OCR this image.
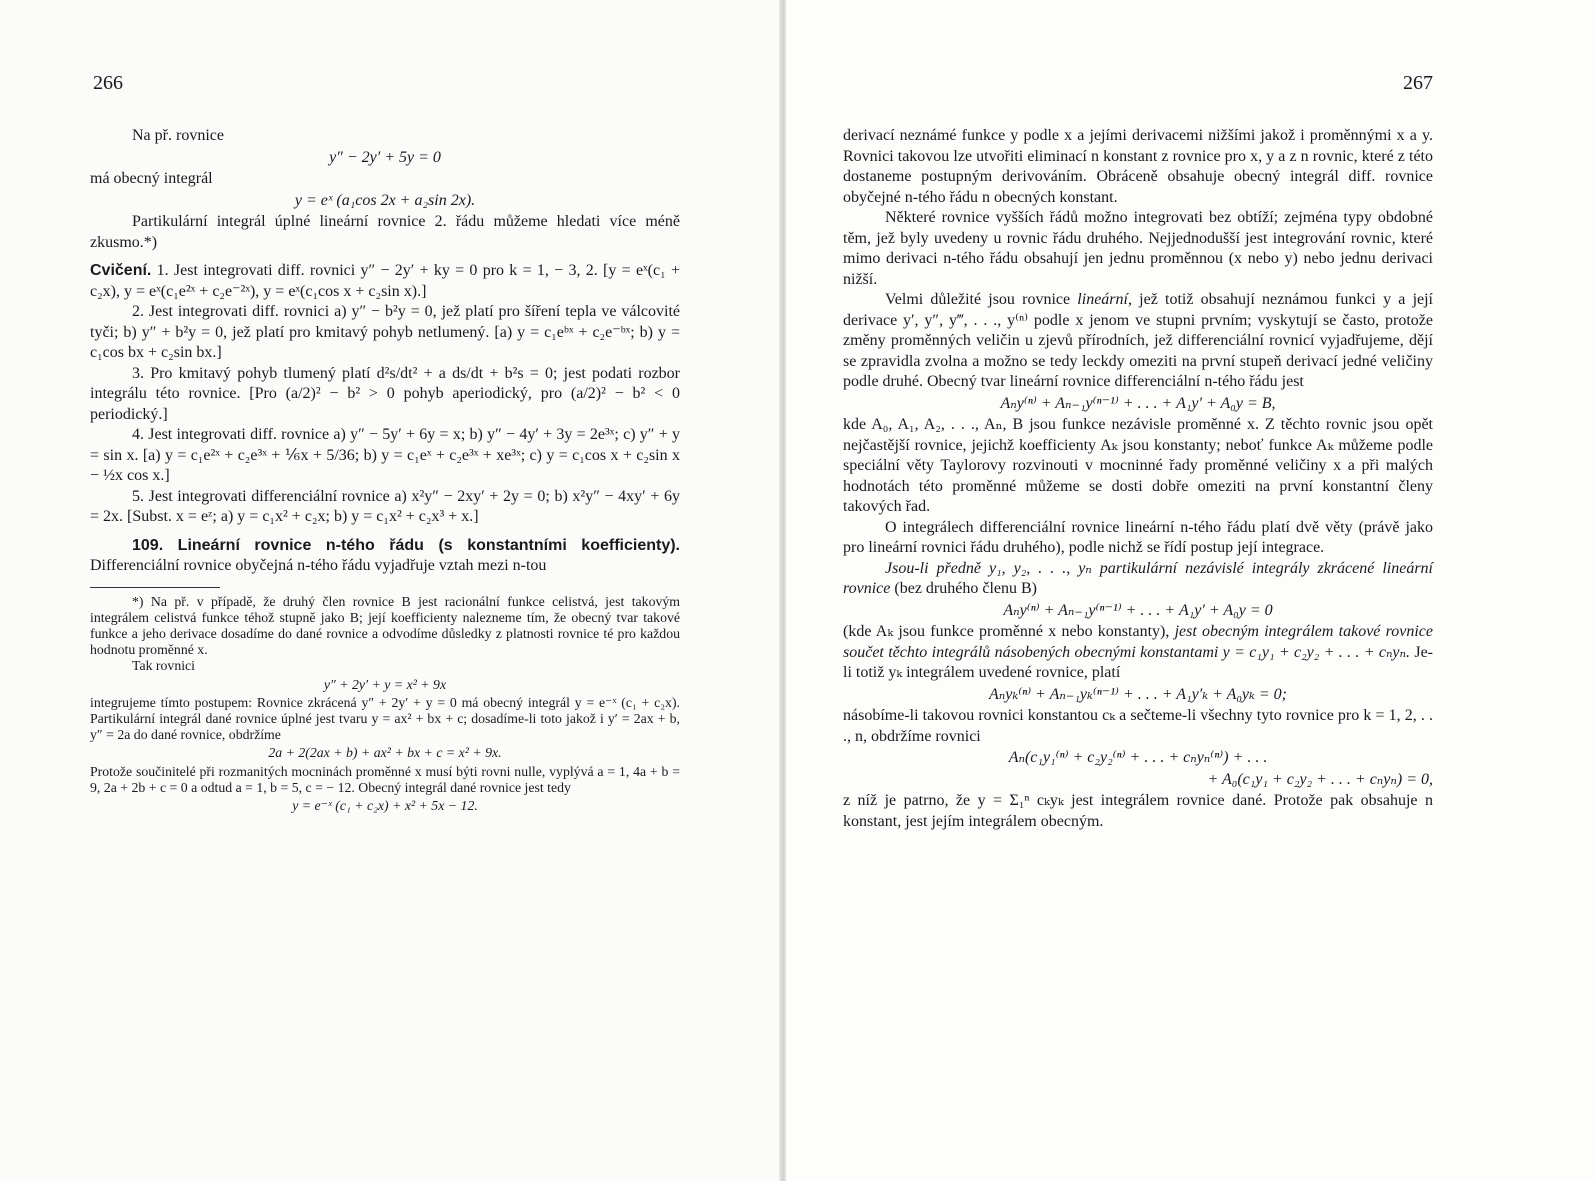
266

Na př. rovnice

y″ − 2y′ + 5y = 0

má obecný integrál

y = eˣ (a₁cos 2x + a₂sin 2x).

Partikulární integrál úplné lineární rovnice 2. řádu můžeme hledati více méně zkusmo.*)

Cvičení. 1. Jest integrovati diff. rovnici y″ − 2y′ + ky = 0 pro k = 1, − 3, 2. [y = eˣ(c₁ + c₂x), y = eˣ(c₁e²ˣ + c₂e⁻²ˣ), y = eˣ(c₁cos x + c₂sin x).]

2. Jest integrovati diff. rovnici a) y″ − b²y = 0, jež platí pro šíření tepla ve válcovité tyči; b) y″ + b²y = 0, jež platí pro kmitavý pohyb netlumený. [a) y = c₁eᵇˣ + c₂e⁻ᵇˣ; b) y = c₁cos bx + c₂sin bx.]

3. Pro kmitavý pohyb tlumený platí d²s/dt² + a ds/dt + b²s = 0; jest podati rozbor integrálu této rovnice. [Pro (a/2)² − b² > 0 pohyb aperiodický, pro (a/2)² − b² < 0 periodický.]

4. Jest integrovati diff. rovnice a) y″ − 5y′ + 6y = x; b) y″ − 4y′ + 3y = 2e³ˣ; c) y″ + y = sin x. [a) y = c₁e²ˣ + c₂e³ˣ + ⅙x + 5/36; b) y = c₁eˣ + c₂e³ˣ + xe³ˣ; c) y = c₁cos x + c₂sin x − ½x cos x.]

5. Jest integrovati differenciální rovnice a) x²y″ − 2xy′ + 2y = 0; b) x²y″ − 4xy′ + 6y = 2x. [Subst. x = eᶻ; a) y = c₁x² + c₂x; b) y = c₁x² + c₂x³ + x.]

109. Lineární rovnice n-tého řádu (s konstantními koefficienty). Differenciální rovnice obyčejná n-tého řádu vyjadřuje vztah mezi n-tou

*) Na př. v případě, že druhý člen rovnice B jest racionální funkce celistvá, jest takovým integrálem celistvá funkce téhož stupně jako B; její koefficienty nalezneme tím, že obecný tvar takové funkce a jeho derivace dosadíme do dané rovnice a odvodíme důsledky z platnosti rovnice té pro každou hodnotu proměnné x.

Tak rovnici

y″ + 2y′ + y = x² + 9x

integrujeme tímto postupem: Rovnice zkrácená y″ + 2y′ + y = 0 má obecný integrál y = e⁻ˣ (c₁ + c₂x). Partikulární integrál dané rovnice úplné jest tvaru y = ax² + bx + c; dosadíme-li toto jakož i y′ = 2ax + b, y″ = 2a do dané rovnice, obdržíme

2a + 2(2ax + b) + ax² + bx + c = x² + 9x.

Protože součinitelé při rozmanitých mocninách proměnné x musí býti rovni nulle, vyplývá a = 1, 4a + b = 9, 2a + 2b + c = 0 a odtud a = 1, b = 5, c = − 12. Obecný integrál dané rovnice jest tedy

y = e⁻ˣ (c₁ + c₂x) + x² + 5x − 12.

267

derivací neznámé funkce y podle x a jejími derivacemi nižšími jakož i proměnnými x a y. Rovnici takovou lze utvořiti eliminací n konstant z rovnice pro x, y a z n rovnic, které z této dostaneme postupným derivováním. Obráceně obsahuje obecný integrál diff. rovnice obyčejné n-tého řádu n obecných konstant.

Některé rovnice vyšších řádů možno integrovati bez obtíží; zejména typy obdobné těm, jež byly uvedeny u rovnic řádu druhého. Nejjednodušší jest integrování rovnic, které mimo derivaci n-tého řádu obsahují jen jednu proměnnou (x nebo y) nebo jednu derivaci nižší.

Velmi důležité jsou rovnice lineární, jež totiž obsahují neznámou funkci y a její derivace y′, y″, y‴, . . ., y⁽ⁿ⁾ podle x jenom ve stupni prvním; vyskytují se často, protože změny proměnných veličin u zjevů přírodních, jež differenciální rovnicí vyjadřujeme, dějí se zpravidla zvolna a možno se tedy leckdy omeziti na první stupeň derivací jedné veličiny podle druhé. Obecný tvar lineární rovnice differenciální n-tého řádu jest

Aₙy⁽ⁿ⁾ + Aₙ₋₁y⁽ⁿ⁻¹⁾ + . . . + A₁y′ + A₀y = B,

kde A₀, A₁, A₂, . . ., Aₙ, B jsou funkce nezávisle proměnné x. Z těchto rovnic jsou opět nejčastější rovnice, jejichž koefficienty Aₖ jsou konstanty; neboť funkce Aₖ můžeme podle speciální věty Taylorovy rozvinouti v mocninné řady proměnné veličiny x a při malých hodnotách této proměnné můžeme se dosti dobře omeziti na první konstantní členy takových řad.

O integrálech differenciální rovnice lineární n-tého řádu platí dvě věty (právě jako pro lineární rovnici řádu druhého), podle nichž se řídí postup její integrace.

Jsou-li předně y₁, y₂, . . ., yₙ partikulární nezávislé integrály zkrácené lineární rovnice (bez druhého členu B)

Aₙy⁽ⁿ⁾ + Aₙ₋₁y⁽ⁿ⁻¹⁾ + . . . + A₁y′ + A₀y = 0

(kde Aₖ jsou funkce proměnné x nebo konstanty), jest obecným integrálem takové rovnice součet těchto integrálů násobených obecnými konstantami y = c₁y₁ + c₂y₂ + . . . + cₙyₙ. Je-li totiž yₖ integrálem uvedené rovnice, platí

Aₙyₖ⁽ⁿ⁾ + Aₙ₋₁yₖ⁽ⁿ⁻¹⁾ + . . . + A₁y′ₖ + A₀yₖ = 0;

násobíme-li takovou rovnici konstantou cₖ a sečteme-li všechny tyto rovnice pro k = 1, 2, . . ., n, obdržíme rovnici

Aₙ(c₁y₁⁽ⁿ⁾ + c₂y₂⁽ⁿ⁾ + . . . + cₙyₙ⁽ⁿ⁾) + . . .

+ A₀(c₁y₁ + c₂y₂ + . . . + cₙyₙ) = 0,

z níž je patrno, že y = Σ₁ⁿ cₖyₖ jest integrálem rovnice dané. Protože pak obsahuje n konstant, jest jejím integrálem obecným.
